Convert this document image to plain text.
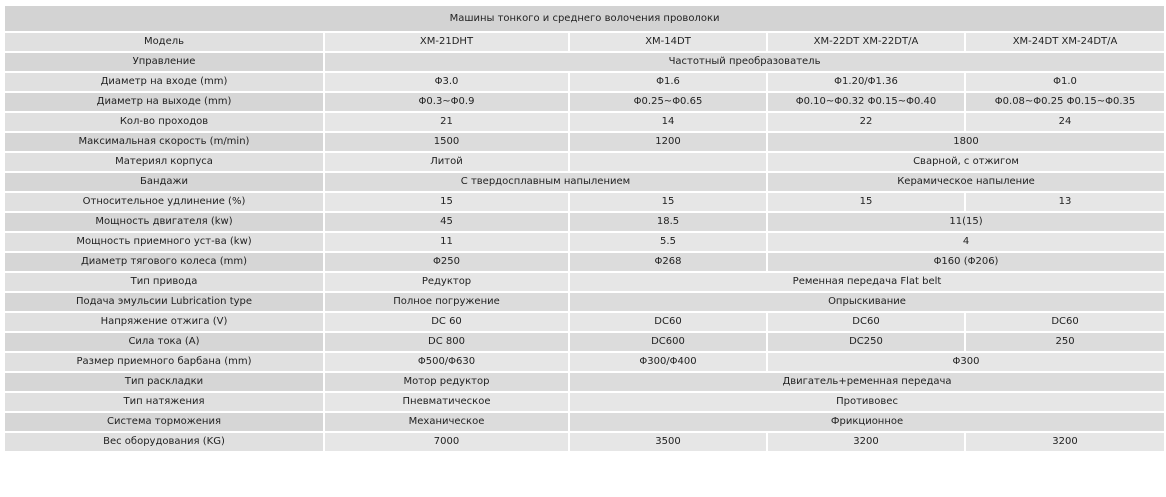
Машины тонкого и среднего волочения проволоки				
Модель	XM-21DHT	XM-14DT	XM-22DT XM-22DT/A	XM-24DT XM-24DT/A
Управление	Частотный преобразователь			
Диаметр на входе (mm)	Φ3.0	Φ1.6	Φ1.20/Φ1.36	Φ1.0
Диаметр на выходе (mm)	Φ0.3~Φ0.9	Φ0.25~Φ0.65	Φ0.10~Φ0.32 Φ0.15~Φ0.40	Φ0.08~Φ0.25 Φ0.15~Φ0.35
Кол-во проходов	21	14	22	24
Максимальная скорость (m/min)	1500	1200	1800	
Материял корпуса	Литой		Сварной, с отжигом	
Бандажи	С твердосплавным напылением		Керамическое напыление	
Относительное удлинение (%)	15	15	15	13
Мощность двигателя (kw)	45	18.5	11(15)	
Мощность приемного уст-ва (kw)	11	5.5	4	
Диаметр тягового колеса (mm)	Φ250	Φ268	Φ160 (Φ206)	
Тип привода	Редуктор	Ременная передача Flat belt		
Подача эмульсии Lubrication type	Полное погружение	Опрыскивание		
Напряжение отжига (V)	DC 60	DC60	DC60	DC60
Сила тока (A)	DC 800	DC600	DC250	250
Размер приемного барбана (mm)	Φ500/Φ630	Φ300/Φ400	Φ300	
Тип раскладки	Мотор редуктор	Двигатель+ременная передача		
Тип натяжения	Пневматическое	Противовес		
Система торможения	Механическое	Фрикционное		
Вес оборудования (KG)	7000	3500	3200	3200
